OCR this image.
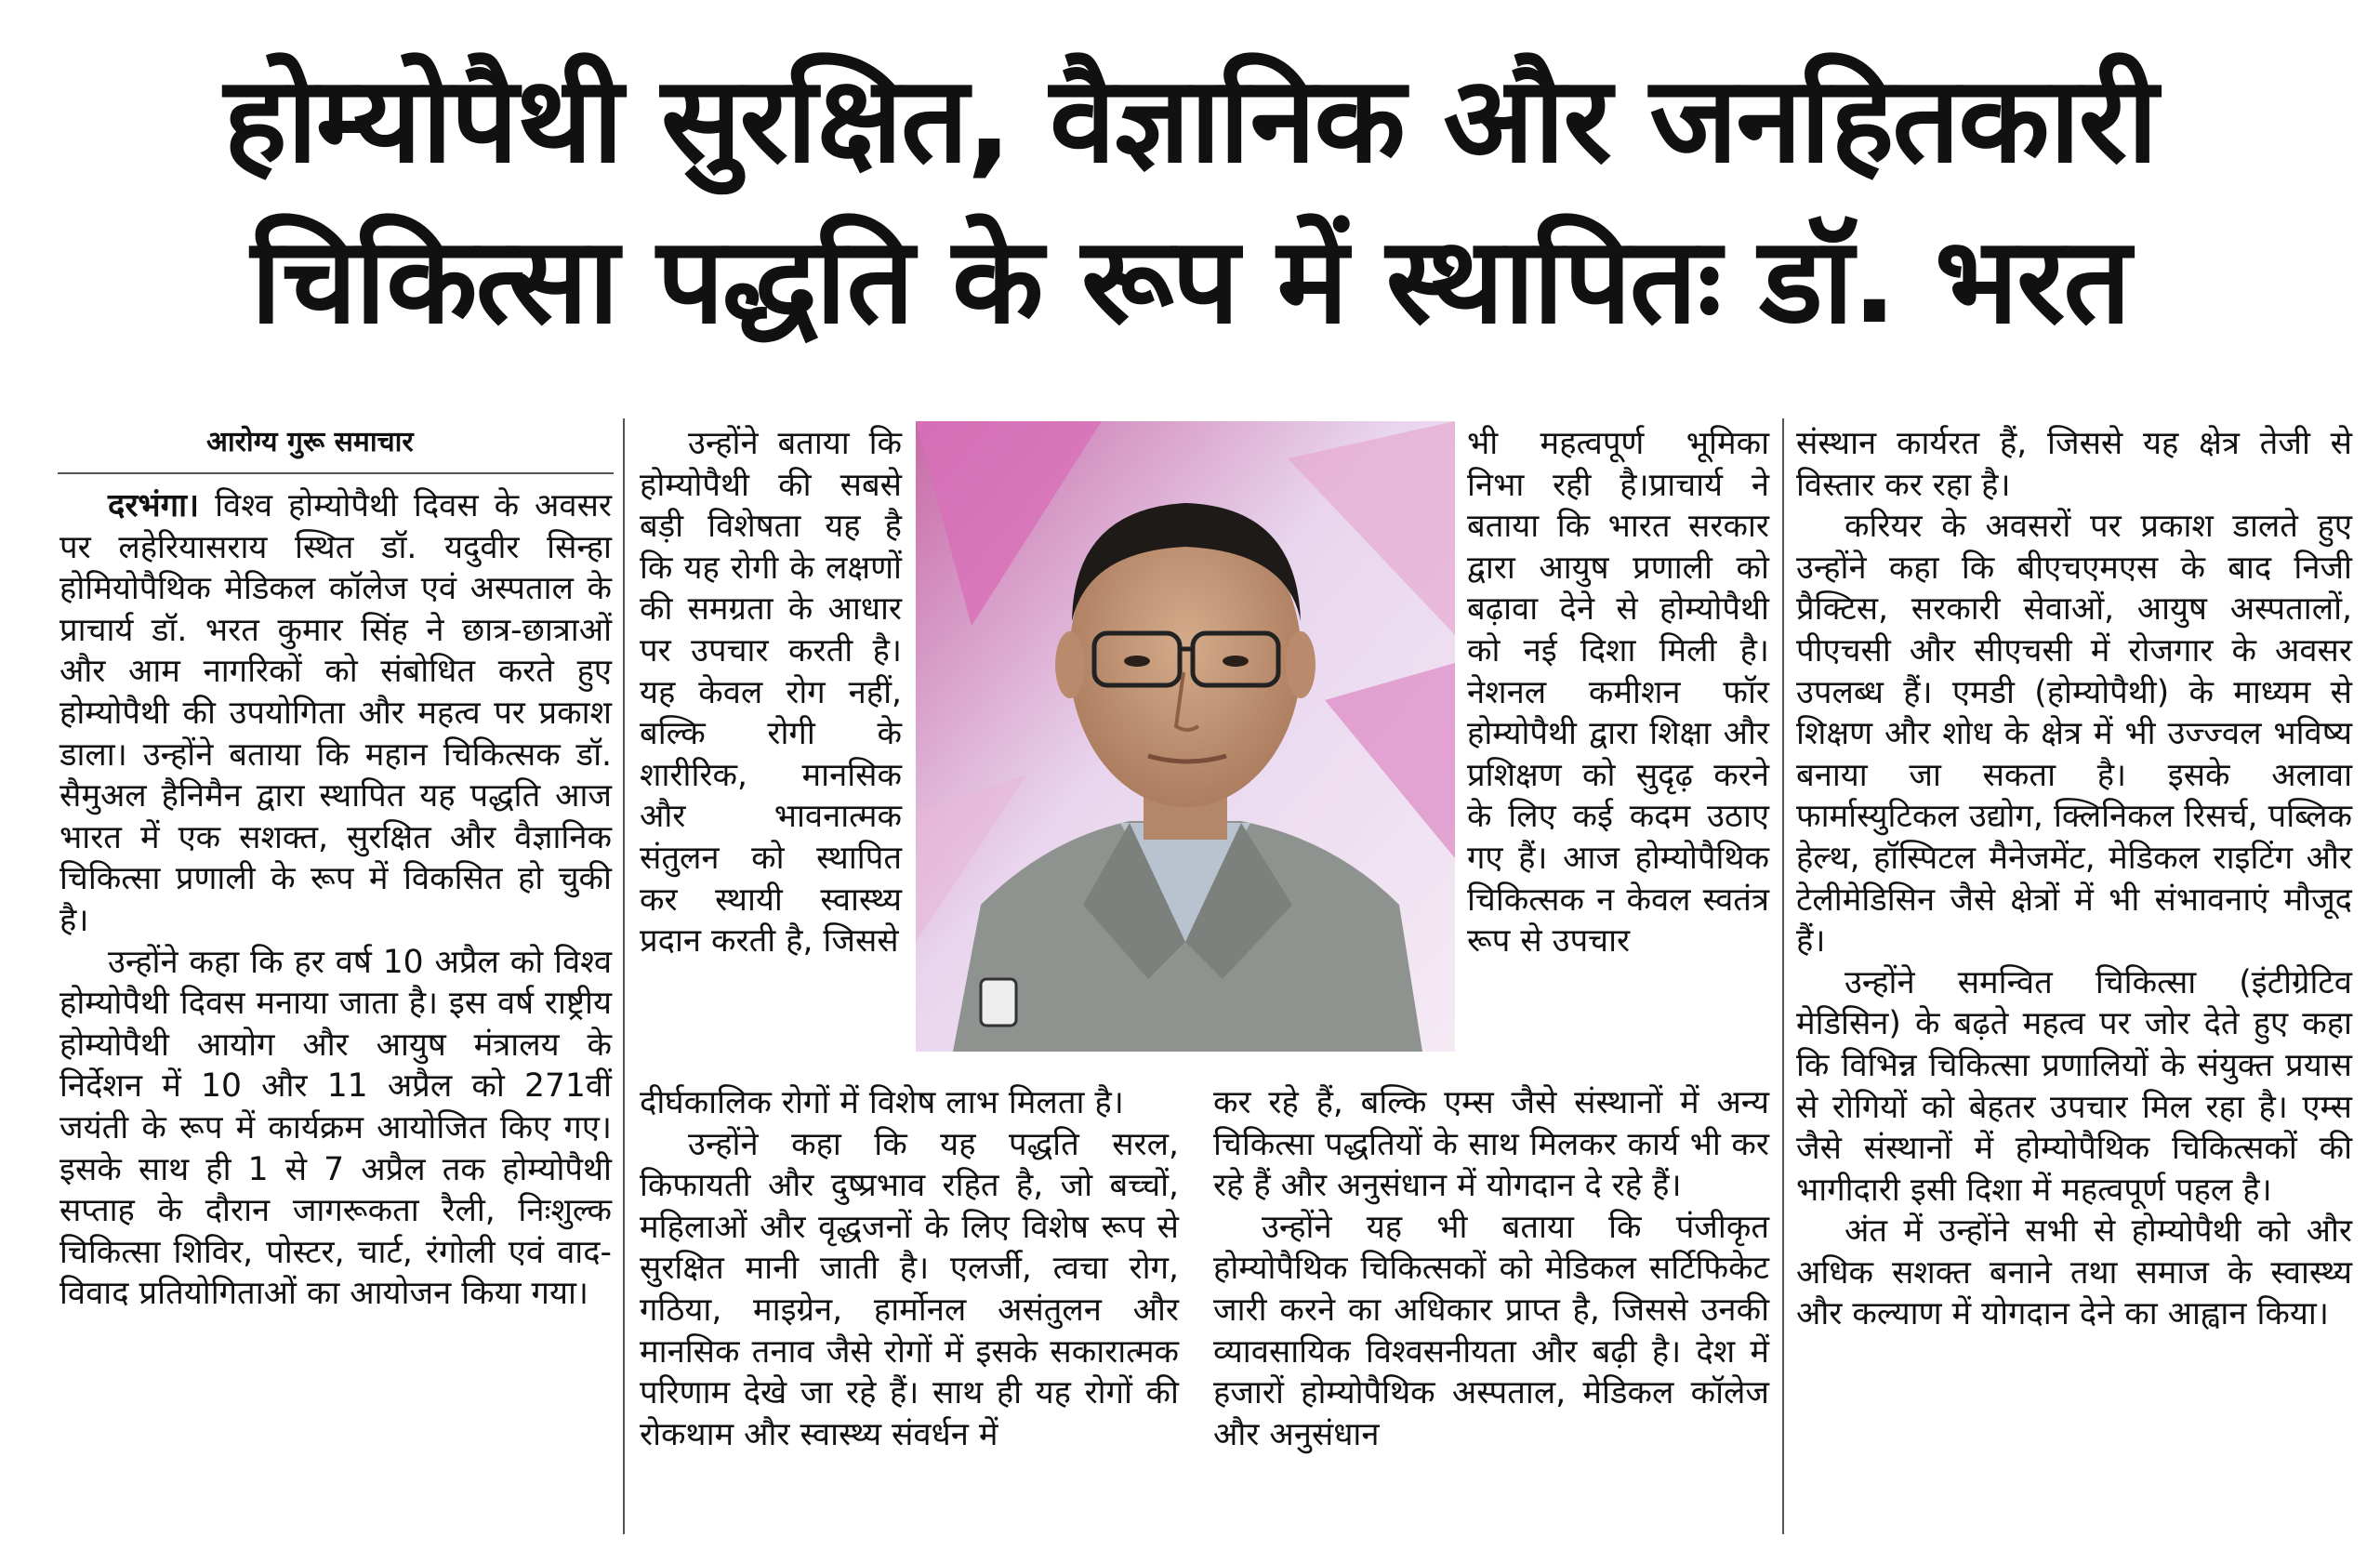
होम्योपैथी सुरक्षित, वैज्ञानिक और जनहितकारी
चिकित्सा पद्धति के रूप में स्थापितः डॉ. भरत
आरोग्य गुरू समाचार

दरभंगा। विश्व होम्योपैथी दिवस के अवसर पर लहेरियासराय स्थित डॉ. यदुवीर सिन्हा होमियोपैथिक मेडिकल कॉलेज एवं अस्पताल के प्राचार्य डॉ. भरत कुमार सिंह ने छात्र-छात्राओं और आम नागरिकों को संबोधित करते हुए होम्योपैथी की उपयोगिता और महत्व पर प्रकाश डाला। उन्होंने बताया कि महान चिकित्सक डॉ. सैमुअल हैनिमैन द्वारा स्थापित यह पद्धति आज भारत में एक सशक्त, सुरक्षित और वैज्ञानिक चिकित्सा प्रणाली के रूप में विकसित हो चुकी है।

उन्होंने कहा कि हर वर्ष 10 अप्रैल को विश्व होम्योपैथी दिवस मनाया जाता है। इस वर्ष राष्ट्रीय होम्योपैथी आयोग और आयुष मंत्रालय के निर्देशन में 10 और 11 अप्रैल को 271वीं जयंती के रूप में कार्यक्रम आयोजित किए गए। इसके साथ ही 1 से 7 अप्रैल तक होम्योपैथी सप्ताह के दौरान जागरूकता रैली, निःशुल्क चिकित्सा शिविर, पोस्टर, चार्ट, रंगोली एवं वाद-विवाद प्रतियोगिताओं का आयोजन किया गया।

उन्होंने बताया कि होम्योपैथी की सबसे बड़ी विशेषता यह है कि यह रोगी के लक्षणों की समग्रता के आधार पर उपचार करती है। यह केवल रोग नहीं, बल्कि रोगी के शारीरिक, मानसिक और भावनात्मक संतुलन को स्थापित कर स्थायी स्वास्थ्य प्रदान करती है, जिससे

दीर्घकालिक रोगों में विशेष लाभ मिलता है।

उन्होंने कहा कि यह पद्धति सरल, किफायती और दुष्प्रभाव रहित है, जो बच्चों, महिलाओं और वृद्धजनों के लिए विशेष रूप से सुरक्षित मानी जाती है। एलर्जी, त्वचा रोग, गठिया, माइग्रेन, हार्मोनल असंतुलन और मानसिक तनाव जैसे रोगों में इसके सकारात्मक परिणाम देखे जा रहे हैं। साथ ही यह रोगों की रोकथाम और स्वास्थ्य संवर्धन में

भी महत्वपूर्ण भूमिका निभा रही है।प्राचार्य ने बताया कि भारत सरकार द्वारा आयुष प्रणाली को बढ़ावा देने से होम्योपैथी को नई दिशा मिली है। नेशनल कमीशन फॉर होम्योपैथी द्वारा शिक्षा और प्रशिक्षण को सुदृढ़ करने के लिए कई कदम उठाए गए हैं। आज होम्योपैथिक चिकित्सक न केवल स्वतंत्र रूप से उपचार

कर रहे हैं, बल्कि एम्स जैसे संस्थानों में अन्य चिकित्सा पद्धतियों के साथ मिलकर कार्य भी कर रहे हैं और अनुसंधान में योगदान दे रहे हैं।

उन्होंने यह भी बताया कि पंजीकृत होम्योपैथिक चिकित्सकों को मेडिकल सर्टिफिकेट जारी करने का अधिकार प्राप्त है, जिससे उनकी व्यावसायिक विश्वसनीयता और बढ़ी है। देश में हजारों होम्योपैथिक अस्पताल, मेडिकल कॉलेज और अनुसंधान

संस्थान कार्यरत हैं, जिससे यह क्षेत्र तेजी से विस्तार कर रहा है।

करियर के अवसरों पर प्रकाश डालते हुए उन्होंने कहा कि बीएचएमएस के बाद निजी प्रैक्टिस, सरकारी सेवाओं, आयुष अस्पतालों, पीएचसी और सीएचसी में रोजगार के अवसर उपलब्ध हैं। एमडी (होम्योपैथी) के माध्यम से शिक्षण और शोध के क्षेत्र में भी उज्ज्वल भविष्य बनाया जा सकता है। इसके अलावा फार्मास्युटिकल उद्योग, क्लिनिकल रिसर्च, पब्लिक हेल्थ, हॉस्पिटल मैनेजमेंट, मेडिकल राइटिंग और टेलीमेडिसिन जैसे क्षेत्रों में भी संभावनाएं मौजूद हैं।

उन्होंने समन्वित चिकित्सा (इंटीग्रेटिव मेडिसिन) के बढ़ते महत्व पर जोर देते हुए कहा कि विभिन्न चिकित्सा प्रणालियों के संयुक्त प्रयास से रोगियों को बेहतर उपचार मिल रहा है। एम्स जैसे संस्थानों में होम्योपैथिक चिकित्सकों की भागीदारी इसी दिशा में महत्वपूर्ण पहल है।

अंत में उन्होंने सभी से होम्योपैथी को और अधिक सशक्त बनाने तथा समाज के स्वास्थ्य और कल्याण में योगदान देने का आह्वान किया।
